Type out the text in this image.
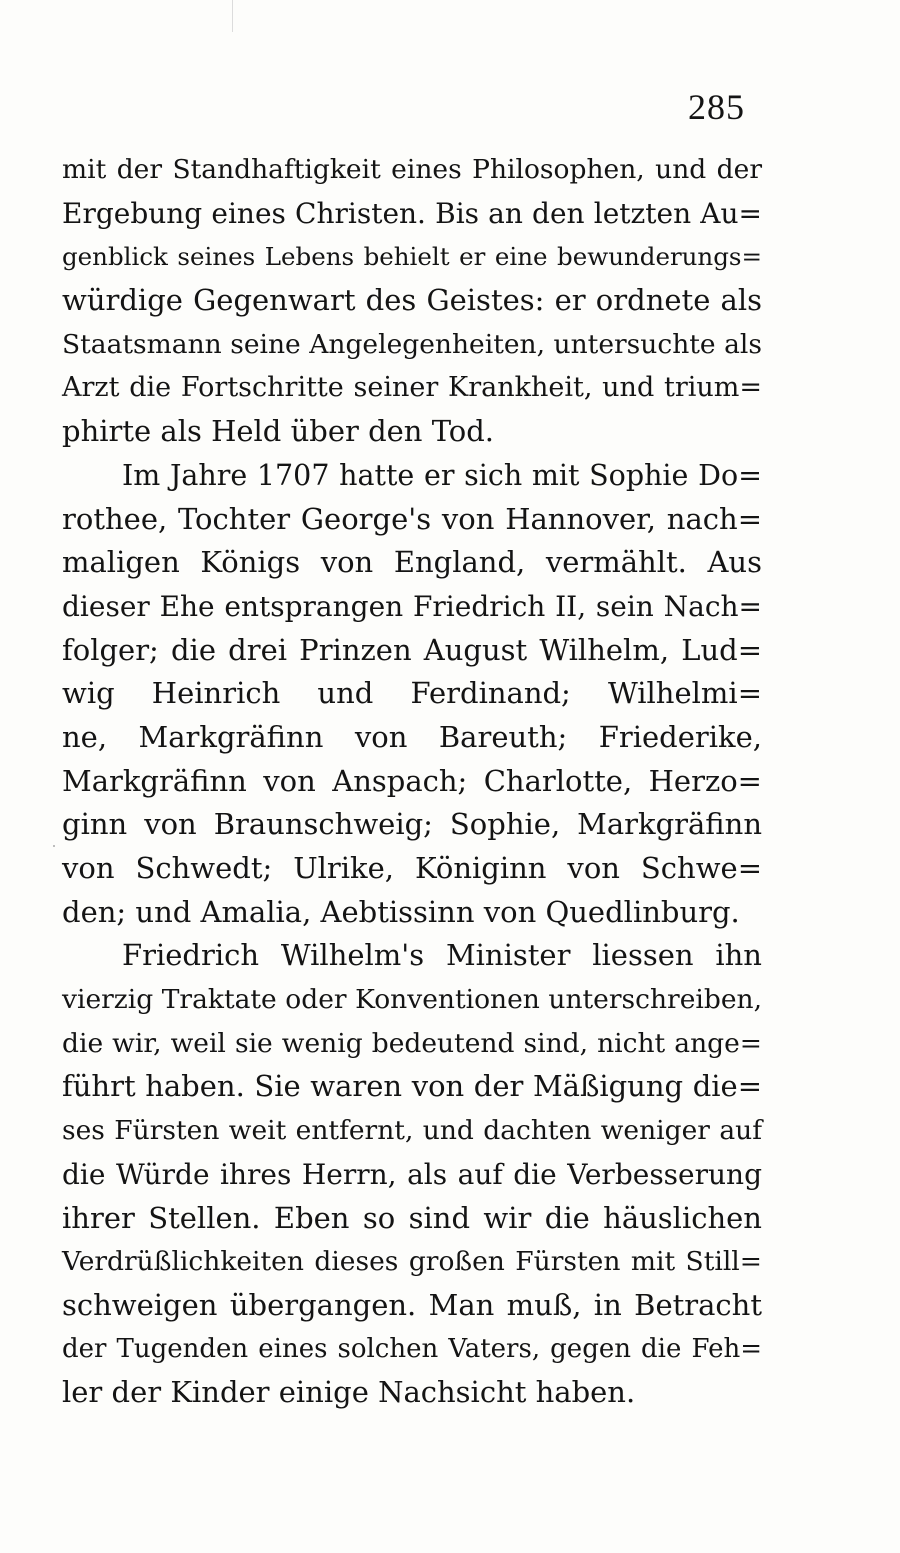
285
mit der Standhaftigkeit eines Philosophen, und der
Ergebung eines Christen. Bis an den letzten Au=
genblick seines Lebens behielt er eine bewunderungs=
würdige Gegenwart des Geistes: er ordnete als
Staatsmann seine Angelegenheiten, untersuchte als
Arzt die Fortschritte seiner Krankheit, und trium=
phirte als Held über den Tod.
Im Jahre 1707 hatte er sich mit Sophie Do=
rothee, Tochter George's von Hannover, nach=
maligen Königs von England, vermählt. Aus
dieser Ehe entsprangen Friedrich II, sein Nach=
folger; die drei Prinzen August Wilhelm, Lud=
wig Heinrich und Ferdinand; Wilhelmi=
ne, Markgräfinn von Bareuth; Friederike,
Markgräfinn von Anspach; Charlotte, Herzo=
ginn von Braunschweig; Sophie, Markgräfinn
von Schwedt; Ulrike, Königinn von Schwe=
den; und Amalia, Aebtissinn von Quedlinburg.
Friedrich Wilhelm's Minister liessen ihn
vierzig Traktate oder Konventionen unterschreiben,
die wir, weil sie wenig bedeutend sind, nicht ange=
führt haben. Sie waren von der Mäßigung die=
ses Fürsten weit entfernt, und dachten weniger auf
die Würde ihres Herrn, als auf die Verbesserung
ihrer Stellen. Eben so sind wir die häuslichen
Verdrüßlichkeiten dieses großen Fürsten mit Still=
schweigen übergangen. Man muß, in Betracht
der Tugenden eines solchen Vaters, gegen die Feh=
ler der Kinder einige Nachsicht haben.
